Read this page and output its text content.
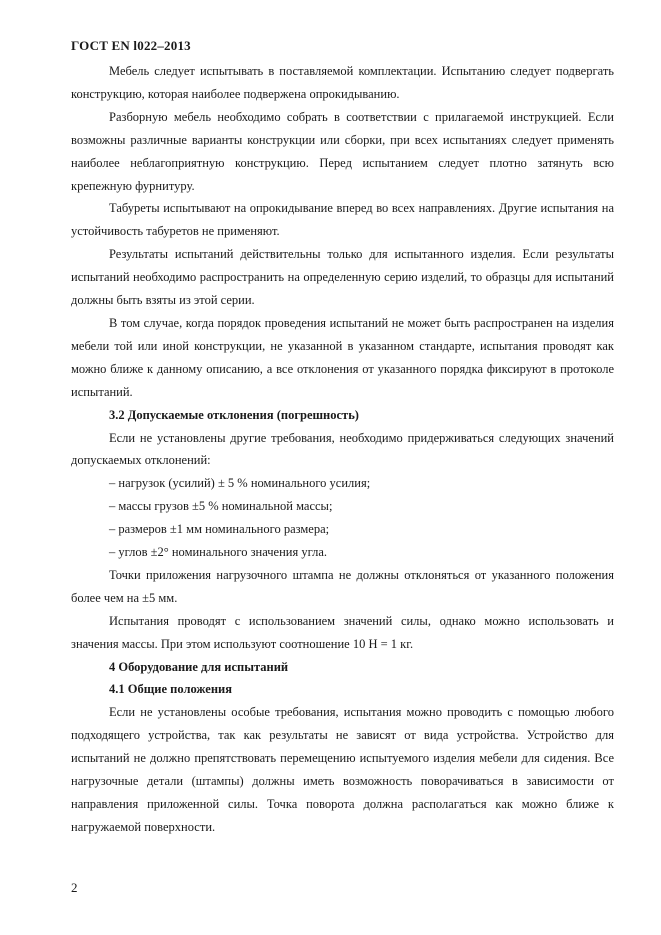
ГОСТ EN l022–2013

Мебель следует испытывать в поставляемой комплектации. Испытанию следует подвергать конструкцию, которая наиболее подвержена опрокидыванию.

Разборную мебель необходимо собрать в соответствии с прилагаемой инструкцией. Если возможны различные варианты конструкции или сборки, при всех испытаниях следует применять наиболее неблагоприятную конструкцию. Перед испытанием следует плотно затянуть всю крепежную фурнитуру.

Табуреты испытывают на опрокидывание вперед во всех направлениях. Другие испытания на устойчивость табуретов не применяют.

Результаты испытаний действительны только для испытанного изделия. Если результаты испытаний необходимо распространить на определенную серию изделий, то образцы для испытаний должны быть взяты из этой серии.

В том случае, когда порядок проведения испытаний не может быть распространен на изделия мебели той или иной конструкции, не указанной в указанном стандарте, испытания проводят как можно ближе к данному описанию, а все отклонения от указанного порядка фиксируют в протоколе испытаний.

3.2 Допускаемые отклонения (погрешность)

Если не установлены другие требования, необходимо придерживаться следующих значений допускаемых отклонений:

– нагрузок (усилий) ± 5 % номинального усилия;

– массы грузов ±5 % номинальной массы;

– размеров ±1 мм номинального размера;

– углов ±2° номинального значения угла.

Точки приложения нагрузочного штампа не должны отклоняться от указанного положения более чем на ±5 мм.

Испытания проводят с использованием значений силы, однако можно использовать и значения массы. При этом используют соотношение 10 Н = 1 кг.

4 Оборудование для испытаний

4.1 Общие положения

Если не установлены особые требования, испытания можно проводить с помощью любого подходящего устройства, так как результаты не зависят от вида устройства. Устройство для испытаний не должно препятствовать перемещению испытуемого изделия мебели для сидения. Все нагрузочные детали (штампы) должны иметь возможность поворачиваться в зависимости от направления приложенной силы. Точка поворота должна располагаться как можно ближе к нагружаемой поверхности.

2
